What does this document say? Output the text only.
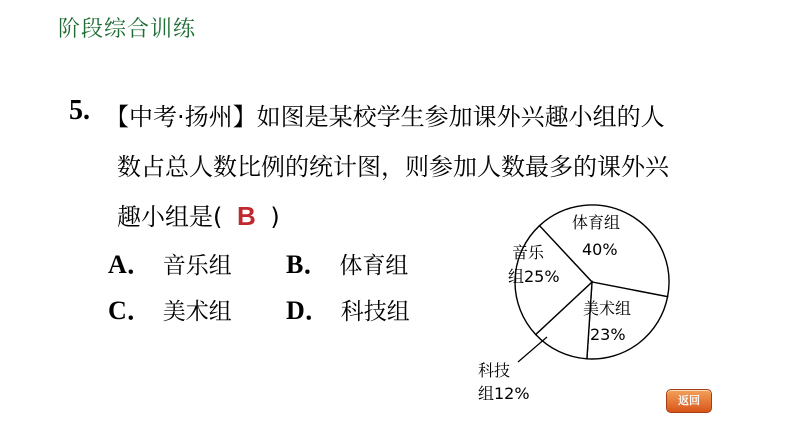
阶段综合训练
5. 【中考·扬州】如图是某校学生参加课外兴趣小组的人
数占总人数比例的统计图，则参加人数最多的课外兴
趣小组是( B )
A． 音乐组 B． 体育组
C． 美术组 D． 科技组
体育组
40%
音乐
组25%
美术组
23%
科技
组12%	返回
